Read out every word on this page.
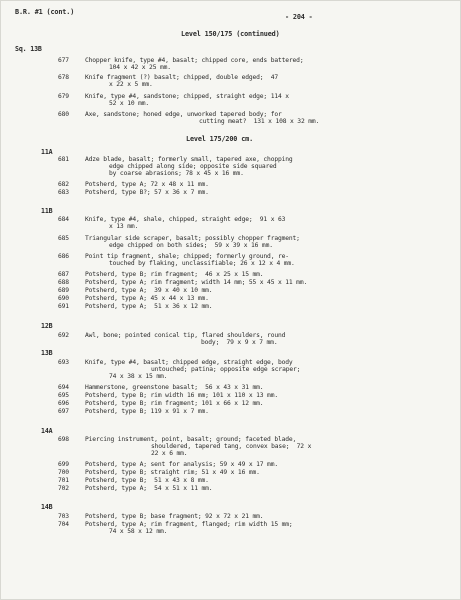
B.R. #1 (cont.)
- 204 -
Sq. 13B
Level 150/175 (continued)
677	Chopper knife, type #4, basalt; chipped core, ends battered;
104 x 42 x 25 mm.
678	Knife fragment (?) basalt; chipped, double edged;  47
x 22 x 5 mm.
679	Knife, type #4, sandstone; chipped, straight edge; 114 x
52 x 10 mm.
680	Axe, sandstone; honed edge, unworked tapered body; for
cutting meat?  131 x 108 x 32 mm.
Level 175/200 cm.
11A
681	Adze blade, basalt; formerly small, tapered axe, chopping
edge chipped along side; opposite side squared
by coarse abrasions; 78 x 45 x 16 mm.
682	Potsherd, type A; 72 x 48 x 11 mm.
683	Potsherd, type B?; 57 x 36 x 7 mm.
11B
684	Knife, type #4, shale, chipped, straight edge;  91 x 63
x 13 mm.
685	Triangular side scraper, basalt; possibly chopper fragment;
edge chipped on both sides;  59 x 39 x 16 mm.
686	Point tip fragment, shale; chipped; formerly ground, re-
touched by flaking, unclassifiable; 26 x 12 x 4 mm.
687	Potsherd, type B; rim fragment;  46 x 25 x 15 mm.
688	Potsherd, type A; rim fragment; width 14 mm; 55 x 45 x 11 mm.
689	Potsherd, type A;  39 x 40 x 10 mm.
690	Potsherd, type A; 45 x 44 x 13 mm.
691	Potsherd, type A;  51 x 36 x 12 mm.
12B
692	Awl, bone; pointed conical tip, flared shoulders, round
body;  79 x 9 x 7 mm.
13B
693	Knife, type #4, basalt; chipped edge, straight edge, body
untouched; patina; opposite edge scraper;
74 x 38 x 15 mm.
694	Hammerstone, greenstone basalt;  56 x 43 x 31 mm.
695	Potsherd, type B; rim width 16 mm; 101 x 110 x 13 mm.
696	Potsherd, type B; rim fragment; 101 x 66 x 12 mm.
697	Potsherd, type B; 119 x 91 x 7 mm.
14A
698	Piercing instrument, point, basalt; ground; faceted blade,
shouldered, tapered tang, convex base;  72 x
22 x 6 mm.
699	Potsherd, type A; sent for analysis; 59 x 49 x 17 mm.
700	Potsherd, type B; straight rim; 51 x 49 x 16 mm.
701	Potsherd, type B;  51 x 43 x 8 mm.
702	Potsherd, type A;  54 x 51 x 11 mm.
14B
703	Potsherd, type B; base fragment; 92 x 72 x 21 mm.
704	Potsherd, type A; rim fragment, flanged; rim width 15 mm;
74 x 58 x 12 mm.
